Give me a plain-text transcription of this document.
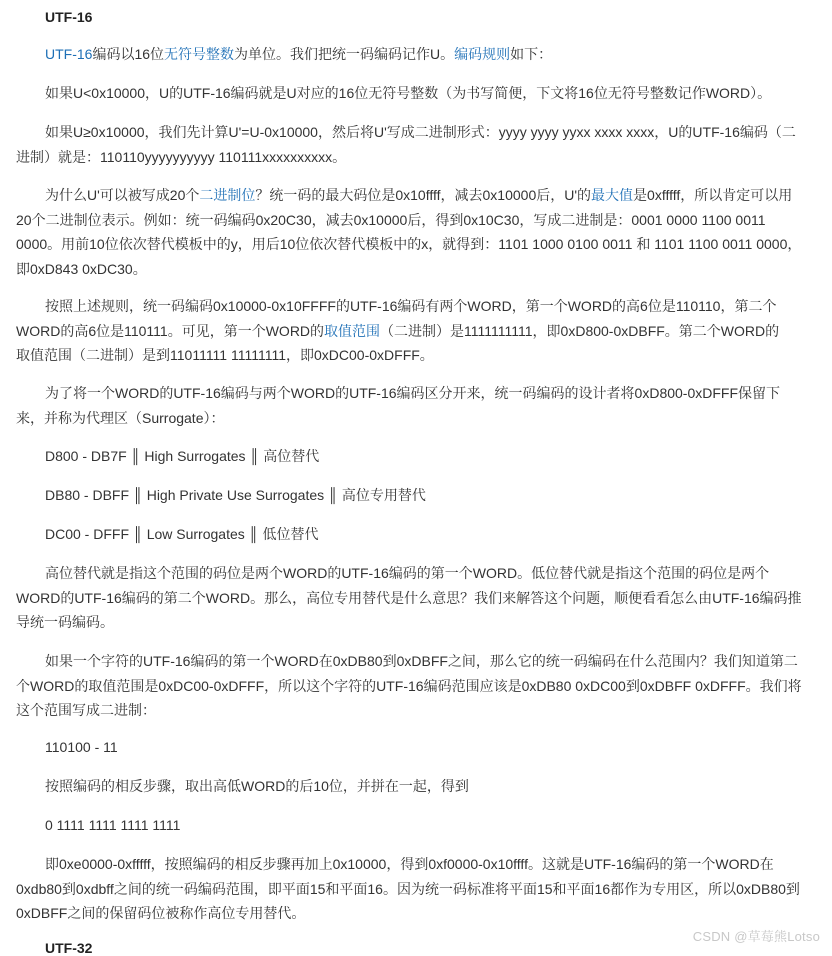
UTF-16
UTF-16编码以16位无符号整数为单位。我们把统一码编码记作U。编码规则如下：
如果U<0x10000，U的UTF-16编码就是U对应的16位无符号整数（为书写简便，下文将16位无符号整数记作WORD）。
如果U≥0x10000，我们先计算U'=U-0x10000，然后将U'写成二进制形式：yyyy yyyy yyxx xxxx xxxx，U的UTF-16编码（二
进制）就是：110110yyyyyyyyyy 110111xxxxxxxxxx。
为什么U'可以被写成20个二进制位？统一码的最大码位是0x10ffff，减去0x10000后，U'的最大值是0xfffff，所以肯定可以用
20个二进制位表示。例如：统一码编码0x20C30，减去0x10000后，得到0x10C30，写成二进制是：0001 0000 1100 0011
0000。用前10位依次替代模板中的y，用后10位依次替代模板中的x，就得到：1101 1000 0100 0011 和 1101 1100 0011 0000，
即0xD843 0xDC30。
按照上述规则，统一码编码0x10000-0x10FFFF的UTF-16编码有两个WORD，第一个WORD的高6位是110110，第二个
WORD的高6位是110111。可见，第一个WORD的取值范围（二进制）是1111111111，即0xD800-0xDBFF。第二个WORD的
取值范围（二进制）是到11011111 11111111，即0xDC00-0xDFFF。
为了将一个WORD的UTF-16编码与两个WORD的UTF-16编码区分开来，统一码编码的设计者将0xD800-0xDFFF保留下
来，并称为代理区（Surrogate）：
D800 - DB7F ║ High Surrogates ║ 高位替代
DB80 - DBFF ║ High Private Use Surrogates ║ 高位专用替代
DC00 - DFFF ║ Low Surrogates ║ 低位替代
高位替代就是指这个范围的码位是两个WORD的UTF-16编码的第一个WORD。低位替代就是指这个范围的码位是两个
WORD的UTF-16编码的第二个WORD。那么，高位专用替代是什么意思？我们来解答这个问题，顺便看看怎么由UTF-16编码推
导统一码编码。
如果一个字符的UTF-16编码的第一个WORD在0xDB80到0xDBFF之间，那么它的统一码编码在什么范围内？我们知道第二
个WORD的取值范围是0xDC00-0xDFFF，所以这个字符的UTF-16编码范围应该是0xDB80 0xDC00到0xDBFF 0xDFFF。我们将
这个范围写成二进制：
110100 - 11
按照编码的相反步骤，取出高低WORD的后10位，并拼在一起，得到
0 1111 1111 1111 1111
即0xe0000-0xfffff，按照编码的相反步骤再加上0x10000，得到0xf0000-0x10ffff。这就是UTF-16编码的第一个WORD在
0xdb80到0xdbff之间的统一码编码范围，即平面15和平面16。因为统一码标准将平面15和平面16都作为专用区，所以0xDB80到
0xDBFF之间的保留码位被称作高位专用替代。
UTF-32
CSDN @草莓熊Lotso
